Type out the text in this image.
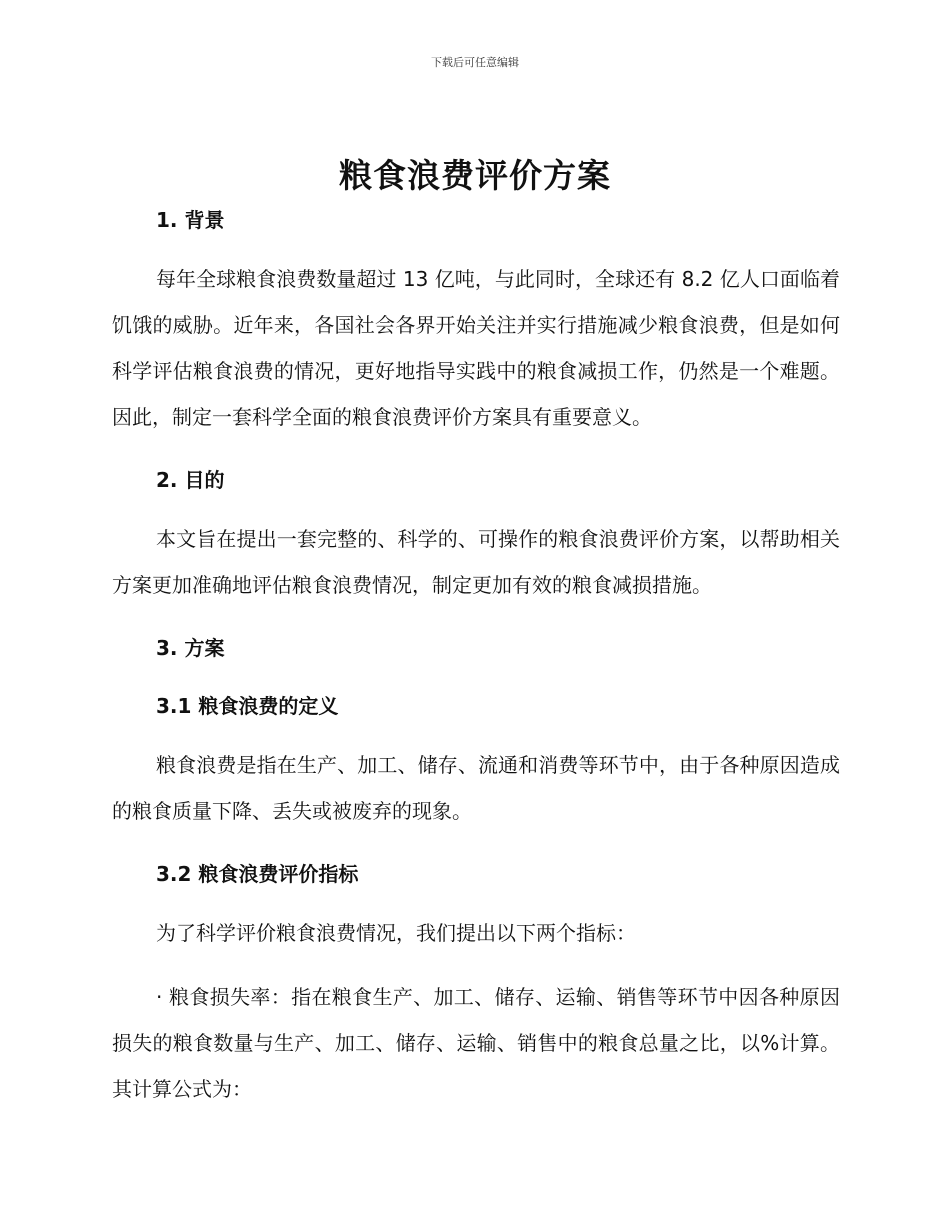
下载后可任意编辑
粮食浪费评价方案

1. 背景

每年全球粮食浪费数量超过 13 亿吨，与此同时，全球还有 8.2 亿人口面临着饥饿的威胁。近年来，各国社会各界开始关注并实行措施减少粮食浪费，但是如何科学评估粮食浪费的情况，更好地指导实践中的粮食减损工作，仍然是一个难题。因此，制定一套科学全面的粮食浪费评价方案具有重要意义。

2. 目的

本文旨在提出一套完整的、科学的、可操作的粮食浪费评价方案，以帮助相关方案更加准确地评估粮食浪费情况，制定更加有效的粮食减损措施。

3. 方案

3.1 粮食浪费的定义

粮食浪费是指在生产、加工、储存、流通和消费等环节中，由于各种原因造成的粮食质量下降、丢失或被废弃的现象。

3.2 粮食浪费评价指标

为了科学评价粮食浪费情况，我们提出以下两个指标：

· 粮食损失率：指在粮食生产、加工、储存、运输、销售等环节中因各种原因损失的粮食数量与生产、加工、储存、运输、销售中的粮食总量之比，以%计算。其计算公式为：
